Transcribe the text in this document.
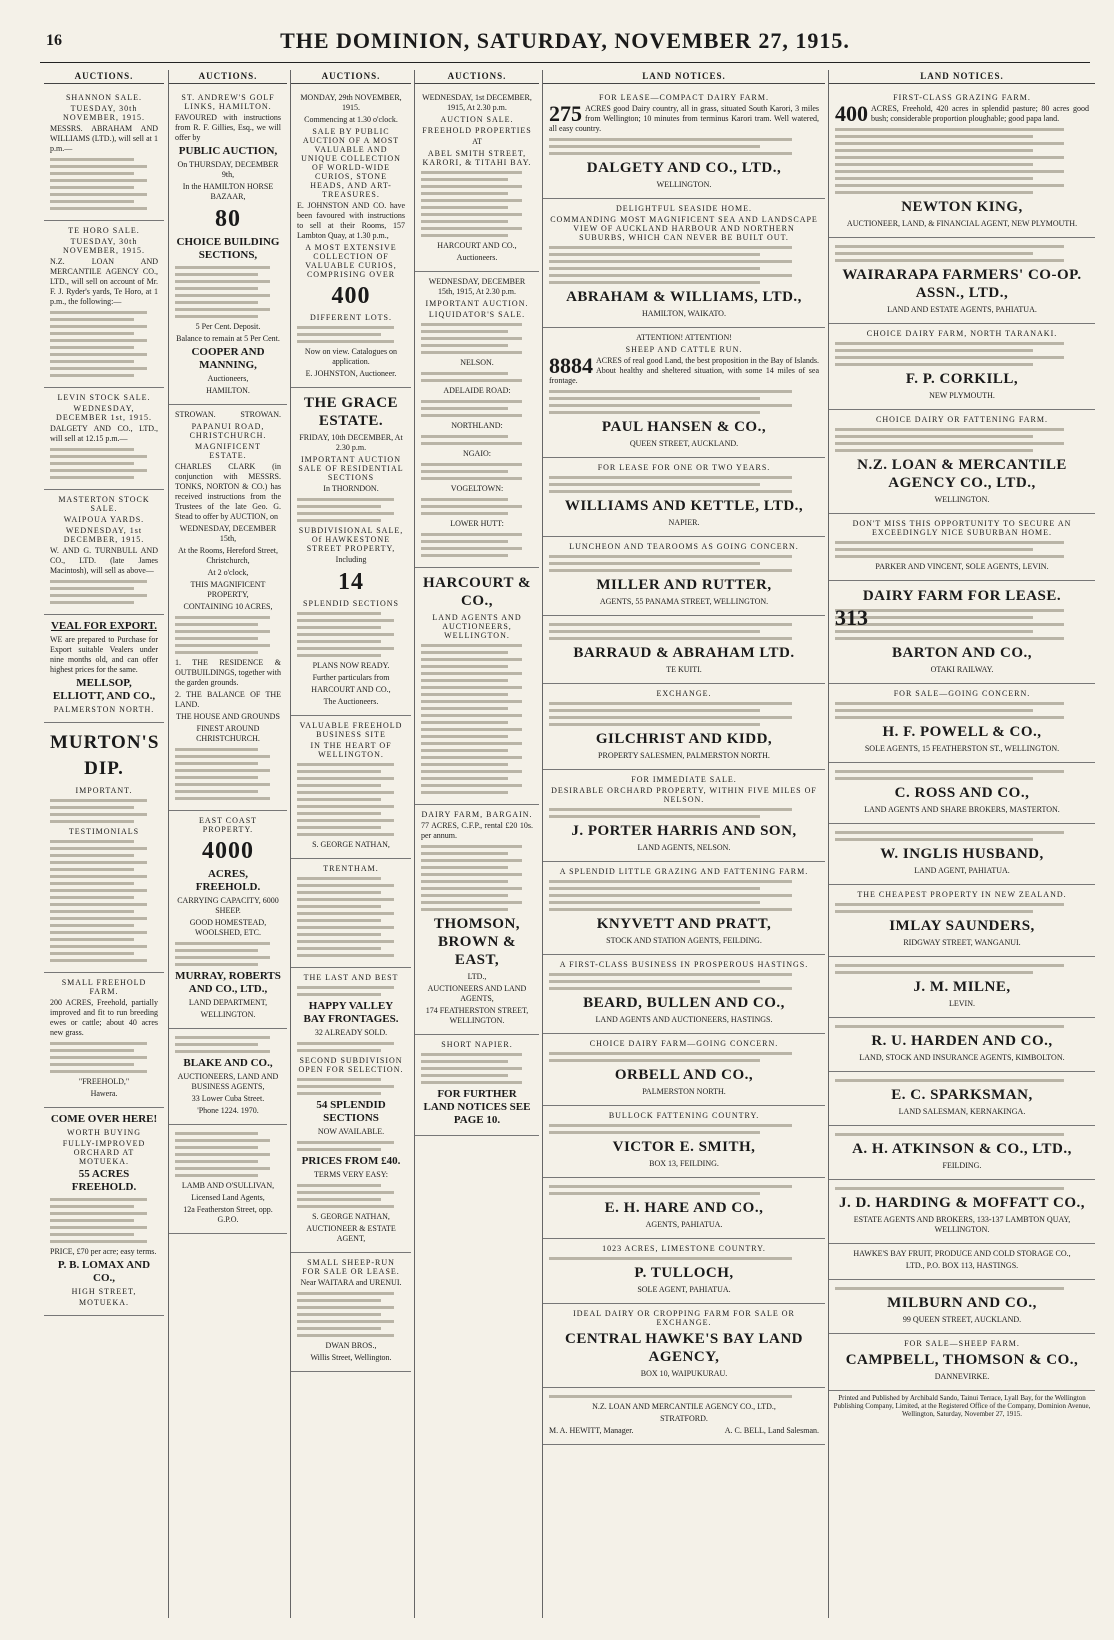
16	THE DOMINION, SATURDAY, NOVEMBER 27, 1915.
AUCTIONS.
SHANNON SALE.
TUESDAY, 30th NOVEMBER, 1915.

MESSRS. ABRAHAM AND WILLIAMS (LTD.), will sell at 1 p.m.—

TE HORO SALE.
TUESDAY, 30th NOVEMBER, 1915.

N.Z. LOAN AND MERCANTILE AGENCY CO., LTD., will sell on account of Mr. F. J. Ryder's yards, Te Horo, at 1 p.m., the following:—

LEVIN STOCK SALE.
WEDNESDAY, DECEMBER 1st, 1915.

DALGETY AND CO., LTD., will sell at 12.15 p.m.—

MASTERTON STOCK SALE.
WAIPOUA YARDS.
WEDNESDAY, 1st DECEMBER, 1915.

W. AND G. TURNBULL AND CO., LTD. (late James Macintosh), will sell as above—

VEAL FOR EXPORT.

WE are prepared to Purchase for Export suitable Vealers under nine months old, and can offer highest prices for the same.

MELLSOP, ELLIOTT, AND CO.,
PALMERSTON NORTH.
MURTON'S DIP.
IMPORTANT.
TESTIMONIALS
SMALL FREEHOLD FARM.

200 ACRES, Freehold, partially improved and fit to run breeding ewes or cattle; about 40 acres new grass.

"FREEHOLD,"

Hawera.

COME OVER HERE!
WORTH BUYING
FULLY-IMPROVED ORCHARD AT MOTUEKA.
55 ACRES FREEHOLD.

PRICE, £70 per acre; easy terms.

P. B. LOMAX AND CO.,
HIGH STREET,
MOTUEKA.
AUCTIONS.
ST. ANDREW'S GOLF LINKS, HAMILTON.

FAVOURED with instructions from R. F. Gillies, Esq., we will offer by

PUBLIC AUCTION,

On THURSDAY, DECEMBER 9th,

In the HAMILTON HORSE BAZAAR,

80
CHOICE BUILDING SECTIONS,

5 Per Cent. Deposit.

Balance to remain at 5 Per Cent.

COOPER AND MANNING,

Auctioneers,

HAMILTON.

STROWAN.	STROWAN.

PAPANUI ROAD, CHRISTCHURCH.
MAGNIFICENT ESTATE.

CHARLES CLARK (in conjunction with MESSRS. TONKS, NORTON & CO.) has received instructions from the Trustees of the late Geo. G. Stead to offer by AUCTION, on

WEDNESDAY, DECEMBER 15th,

At the Rooms, Hereford Street, Christchurch,

At 2 o'clock,

THIS MAGNIFICENT PROPERTY,

CONTAINING 10 ACRES,

1. THE RESIDENCE & OUTBUILDINGS, together with the garden grounds.

2. THE BALANCE OF THE LAND.

THE HOUSE AND GROUNDS

FINEST AROUND CHRISTCHURCH.

EAST COAST PROPERTY.
4000
ACRES, FREEHOLD.

CARRYING CAPACITY, 6000 SHEEP.

GOOD HOMESTEAD, WOOLSHED, ETC.

MURRAY, ROBERTS AND CO., LTD.,

LAND DEPARTMENT,

WELLINGTON.

BLAKE AND CO.,

AUCTIONEERS, LAND AND BUSINESS AGENTS,

33 Lower Cuba Street.

'Phone 1224. 1970.

LAMB AND O'SULLIVAN,

Licensed Land Agents,

12a Featherston Street, opp. G.P.O.

AUCTIONS.

MONDAY, 29th NOVEMBER, 1915.

Commencing at 1.30 o'clock.

SALE BY PUBLIC AUCTION OF A MOST VALUABLE AND UNIQUE COLLECTION OF WORLD-WIDE CURIOS, STONE HEADS, AND ART-TREASURES.

E. JOHNSTON AND CO. have been favoured with instructions to sell at their Rooms, 157 Lambton Quay, at 1.30 p.m.,

A MOST EXTENSIVE COLLECTION OF VALUABLE CURIOS, COMPRISING OVER
400
DIFFERENT LOTS.

Now on view. Catalogues on application.

E. JOHNSTON, Auctioneer.

THE GRACE ESTATE.

FRIDAY, 10th DECEMBER, At 2.30 p.m.

IMPORTANT AUCTION SALE OF RESIDENTIAL SECTIONS

In THORNDON.

SUBDIVISIONAL SALE, Of HAWKESTONE STREET PROPERTY,

Including

14
SPLENDID SECTIONS

PLANS NOW READY.

Further particulars from

HARCOURT AND CO.,

The Auctioneers.

VALUABLE FREEHOLD BUSINESS SITE
IN THE HEART OF WELLINGTON.

S. GEORGE NATHAN,

TRENTHAM.
THE LAST AND BEST
HAPPY VALLEY BAY FRONTAGES.

32 ALREADY SOLD.

SECOND SUBDIVISION OPEN FOR SELECTION.
54 SPLENDID SECTIONS

NOW AVAILABLE.

PRICES FROM £40.

TERMS VERY EASY:

S. GEORGE NATHAN,

AUCTIONEER & ESTATE AGENT,

SMALL SHEEP-RUN FOR SALE OR LEASE.

Near WAITARA and URENUI.

DWAN BROS.,

Willis Street, Wellington.

AUCTIONS.

WEDNESDAY, 1st DECEMBER, 1915, At 2.30 p.m.

AUCTION SALE.
FREEHOLD PROPERTIES

AT

ABEL SMITH STREET, KARORI, & TITAHI BAY.

HARCOURT AND CO.,

Auctioneers.

WEDNESDAY, DECEMBER 15th, 1915, At 2.30 p.m.

IMPORTANT AUCTION.
LIQUIDATOR'S SALE.

NELSON.

ADELAIDE ROAD:

NORTHLAND:

NGAIO:

VOGELTOWN:

LOWER HUTT:

HARCOURT & CO.,
LAND AGENTS AND AUCTIONEERS, WELLINGTON.
DAIRY FARM, BARGAIN.

77 ACRES, C.F.P., rental £20 10s. per annum.

THOMSON, BROWN & EAST,

LTD.,

AUCTIONEERS AND LAND AGENTS,

174 FEATHERSTON STREET, WELLINGTON.

SHORT NAPIER.
FOR FURTHER LAND NOTICES SEE PAGE 10.
LAND NOTICES.
FOR LEASE—COMPACT DAIRY FARM.

275 ACRES good Dairy country, all in grass, situated South Karori, 3 miles from Wellington; 10 minutes from terminus Karori tram. Well watered, all easy country.

DALGETY AND CO., LTD.,

WELLINGTON.

DELIGHTFUL SEASIDE HOME.
COMMANDING MOST MAGNIFICENT SEA AND LANDSCAPE VIEW OF AUCKLAND HARBOUR AND NORTHERN SUBURBS, WHICH CAN NEVER BE BUILT OUT.
ABRAHAM & WILLIAMS, LTD.,

HAMILTON, WAIKATO.

ATTENTION! ATTENTION!

SHEEP AND CATTLE RUN.

8884 ACRES of real good Land, the best proposition in the Bay of Islands. About healthy and sheltered situation, with some 14 miles of sea frontage.

PAUL HANSEN & CO.,

QUEEN STREET, AUCKLAND.

FOR LEASE FOR ONE OR TWO YEARS.
WILLIAMS AND KETTLE, LTD.,

NAPIER.

LUNCHEON AND TEAROOMS AS GOING CONCERN.
MILLER AND RUTTER,

AGENTS, 55 PANAMA STREET, WELLINGTON.

BARRAUD & ABRAHAM LTD.

TE KUITI.

EXCHANGE.
GILCHRIST AND KIDD,

PROPERTY SALESMEN, PALMERSTON NORTH.

FOR IMMEDIATE SALE.
DESIRABLE ORCHARD PROPERTY, WITHIN FIVE MILES OF NELSON.
J. PORTER HARRIS AND SON,

LAND AGENTS, NELSON.

A SPLENDID LITTLE GRAZING AND FATTENING FARM.
KNYVETT AND PRATT,

STOCK AND STATION AGENTS, FEILDING.

A FIRST-CLASS BUSINESS IN PROSPEROUS HASTINGS.
BEARD, BULLEN AND CO.,

LAND AGENTS AND AUCTIONEERS, HASTINGS.

CHOICE DAIRY FARM—GOING CONCERN.
ORBELL AND CO.,

PALMERSTON NORTH.

BULLOCK FATTENING COUNTRY.
VICTOR E. SMITH,

BOX 13, FEILDING.

E. H. HARE AND CO.,

AGENTS, PAHIATUA.

1023 ACRES, LIMESTONE COUNTRY.
P. TULLOCH,

SOLE AGENT, PAHIATUA.

IDEAL DAIRY OR CROPPING FARM FOR SALE OR EXCHANGE.
CENTRAL HAWKE'S BAY LAND AGENCY,

BOX 10, WAIPUKURAU.

N.Z. LOAN AND MERCANTILE AGENCY CO., LTD.,

STRATFORD.

M. A. HEWITT, Manager.	A. C. BELL, Land Salesman.

LAND NOTICES.
FIRST-CLASS GRAZING FARM.

400 ACRES, Freehold, 420 acres in splendid pasture; 80 acres good bush; considerable proportion ploughable; good papa land.

NEWTON KING,

AUCTIONEER, LAND, & FINANCIAL AGENT, NEW PLYMOUTH.

WAIRARAPA FARMERS' CO-OP. ASSN., LTD.,

LAND AND ESTATE AGENTS, PAHIATUA.

CHOICE DAIRY FARM, NORTH TARANAKI.
F. P. CORKILL,

NEW PLYMOUTH.

CHOICE DAIRY OR FATTENING FARM.
N.Z. LOAN & MERCANTILE AGENCY CO., LTD.,

WELLINGTON.

DON'T MISS THIS OPPORTUNITY TO SECURE AN EXCEEDINGLY NICE SUBURBAN HOME.

PARKER AND VINCENT, SOLE AGENTS, LEVIN.

DAIRY FARM FOR LEASE.

313

BARTON AND CO.,

OTAKI RAILWAY.

FOR SALE—GOING CONCERN.
H. F. POWELL & CO.,

SOLE AGENTS, 15 FEATHERSTON ST., WELLINGTON.

C. ROSS AND CO.,

LAND AGENTS AND SHARE BROKERS, MASTERTON.

W. INGLIS HUSBAND,

LAND AGENT, PAHIATUA.

THE CHEAPEST PROPERTY IN NEW ZEALAND.
IMLAY SAUNDERS,

RIDGWAY STREET, WANGANUI.

J. M. MILNE,

LEVIN.

R. U. HARDEN AND CO.,

LAND, STOCK AND INSURANCE AGENTS, KIMBOLTON.

E. C. SPARKSMAN,

LAND SALESMAN, KERNAKINGA.

A. H. ATKINSON & CO., LTD.,

FEILDING.

J. D. HARDING & MOFFATT CO.,

ESTATE AGENTS AND BROKERS, 133-137 LAMBTON QUAY, WELLINGTON.

HAWKE'S BAY FRUIT, PRODUCE AND COLD STORAGE CO.,

LTD., P.O. BOX 113, HASTINGS.

MILBURN AND CO.,

99 QUEEN STREET, AUCKLAND.

FOR SALE—SHEEP FARM.
CAMPBELL, THOMSON & CO.,

DANNEVIRKE.

Printed and Published by Archibald Sando, Tainui Terrace, Lyall Bay, for the Wellington Publishing Company, Limited, at the Registered Office of the Company, Dominion Avenue, Wellington, Saturday, November 27, 1915.
